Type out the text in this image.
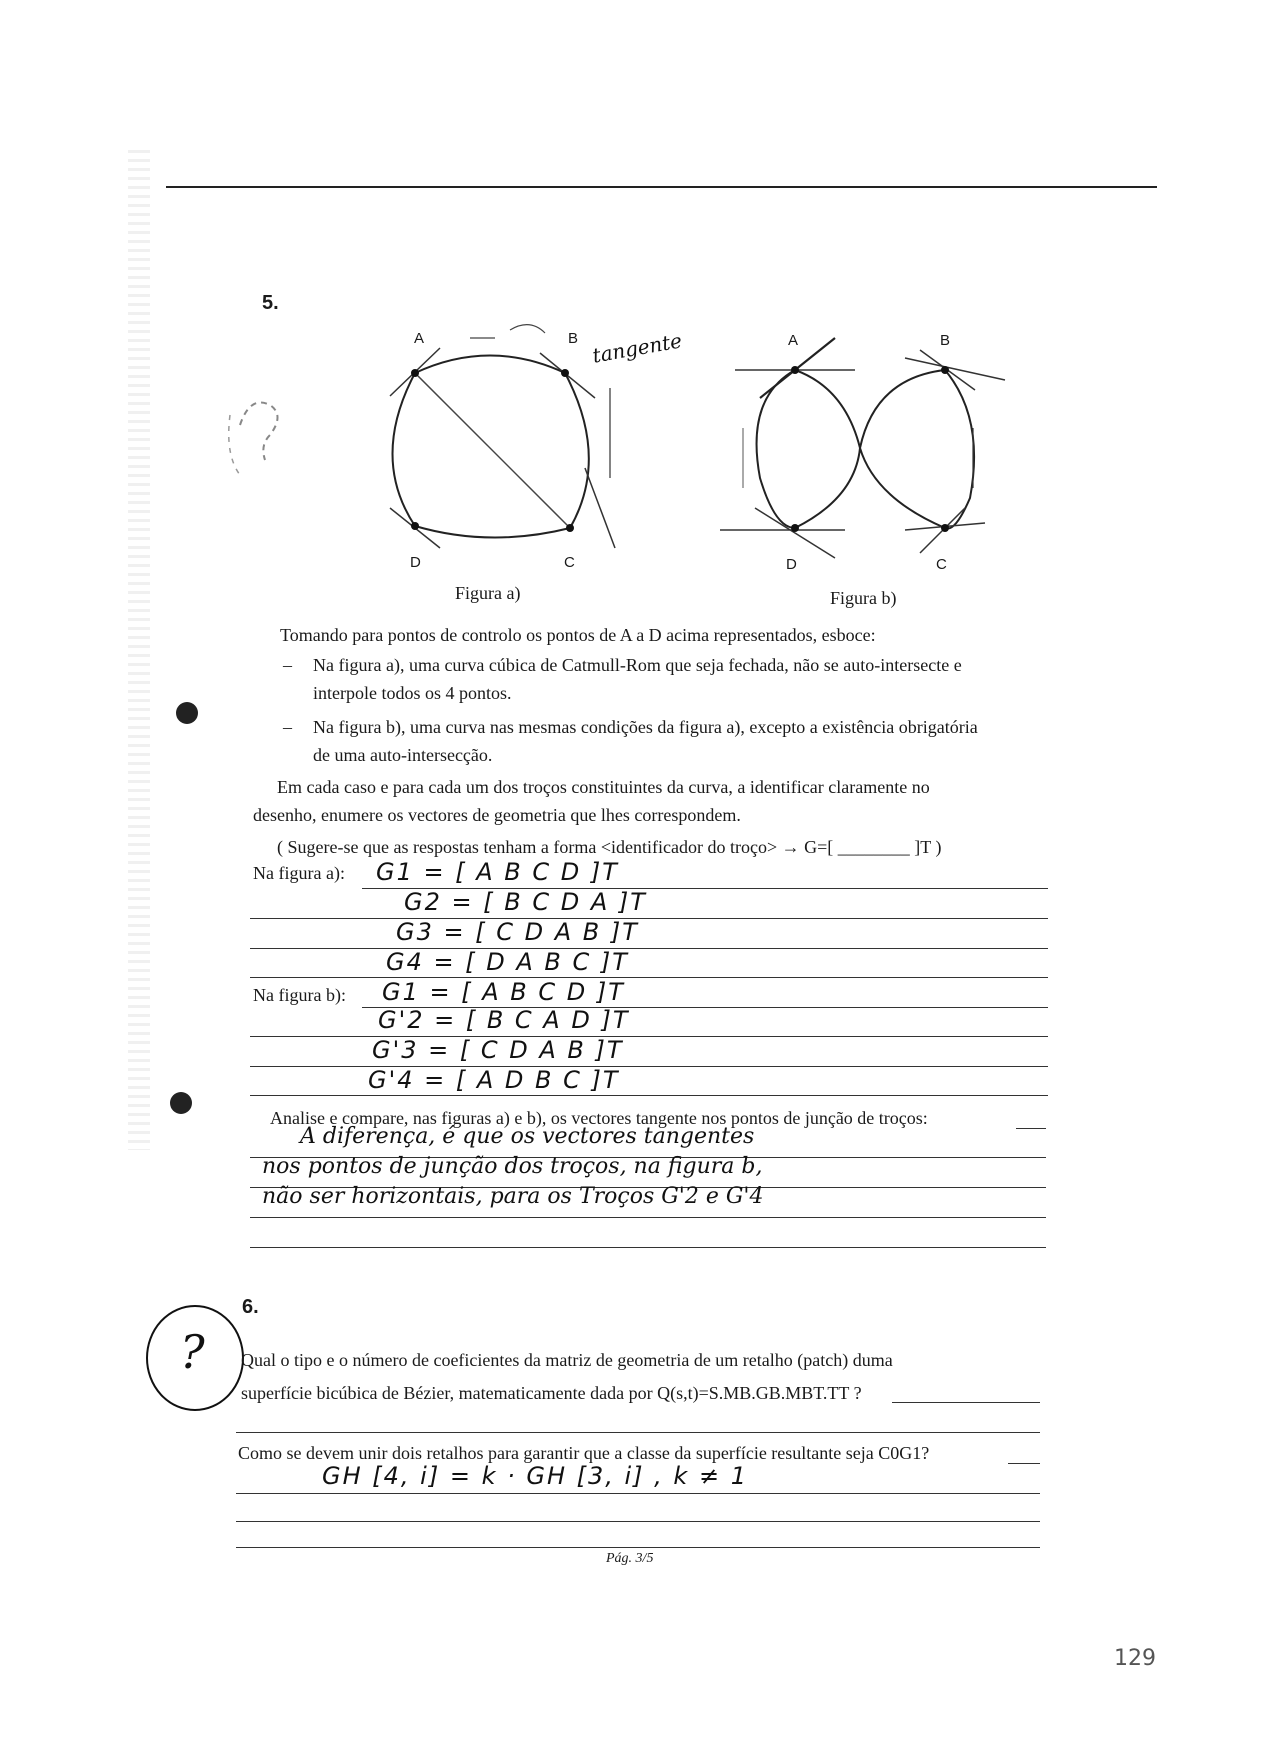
5.
A	B
C
D
tangente	A	B
C
D
Figura a)	Figura b)
Tomando para pontos de controlo os pontos de A a D acima representados, esboce:
– Na figura a), uma curva cúbica de Catmull-Rom que seja fechada, não se auto-intersecte e
interpole todos os 4 pontos.
– Na figura b), uma curva nas mesmas condições da figura a), excepto a existência obrigatória
de uma auto-intersecção.
Em cada caso e para cada um dos troços constituintes da curva, a identificar claramente no
desenho, enumere os vectores de geometria que lhes correspondem.
( Sugere-se que as respostas tenham a forma <identificador do troço> → G=[ ________ ]T )
Na figura a): G1 = [ A B C D ]T
G2 = [ B C D A ]T
G3 = [ C D A B ]T
G4 = [ D A B C ]T
Na figura b): G1 = [ A B C D ]T
G'2 = [ B C A D ]T
G'3 = [ C D A B ]T
G'4 = [ A D B C ]T
Analise e compare, nas figuras a) e b), os vectores tangente nos pontos de junção de troços:
A diferença, é que os vectores tangentes
nos pontos de junção dos troços, na figura b,
não ser horizontais, para os Troços G'2 e G'4
6.
? Qual o tipo e o número de coeficientes da matriz de geometria de um retalho (patch) duma
superfície bicúbica de Bézier, matematicamente dada por Q(s,t)=S.MB.GB.MBT.TT ?
Como se devem unir dois retalhos para garantir que a classe da superfície resultante seja C0G1?
GH [4, i] = k · GH [3, i] , k ≠ 1
Pág. 3/5
129
